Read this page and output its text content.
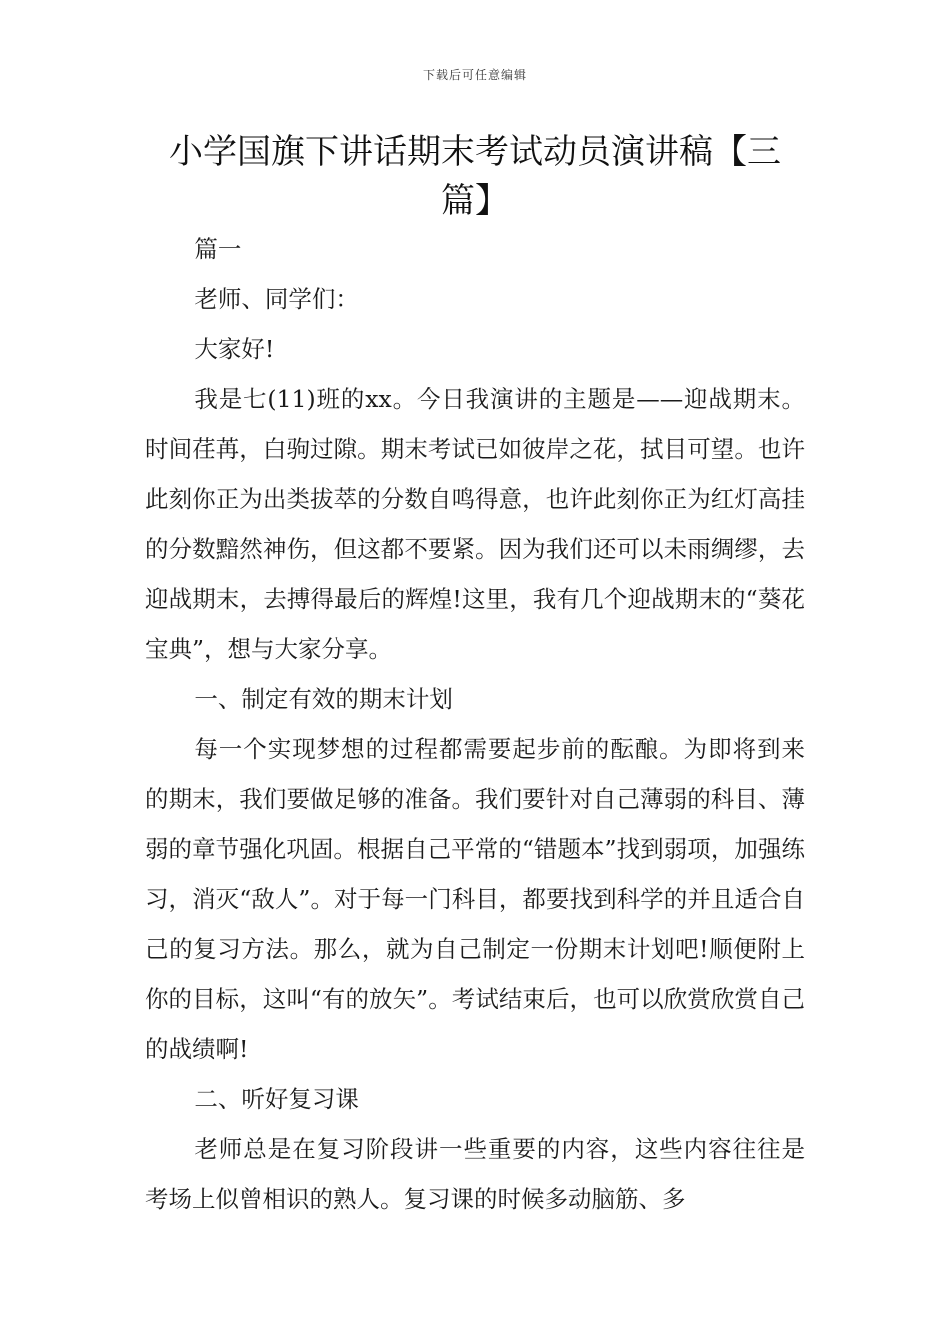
下载后可任意编辑
小学国旗下讲话期末考试动员演讲稿【三篇】

篇一

老师、同学们：

大家好!

我是七(11)班的xx。今日我演讲的主题是——迎战期末。时间荏苒，白驹过隙。期末考试已如彼岸之花，拭目可望。也许此刻你正为出类拔萃的分数自鸣得意，也许此刻你正为红灯高挂的分数黯然神伤，但这都不要紧。因为我们还可以未雨绸缪，去迎战期末，去搏得最后的辉煌!这里，我有几个迎战期末的“葵花宝典”，想与大家分享。

一、制定有效的期末计划

每一个实现梦想的过程都需要起步前的酝酿。为即将到来的期末，我们要做足够的准备。我们要针对自己薄弱的科目、薄弱的章节强化巩固。根据自己平常的“错题本”找到弱项，加强练习，消灭“敌人”。对于每一门科目，都要找到科学的并且适合自己的复习方法。那么，就为自己制定一份期末计划吧!顺便附上你的目标，这叫“有的放矢”。考试结束后，也可以欣赏欣赏自己的战绩啊!

二、听好复习课

老师总是在复习阶段讲一些重要的内容，这些内容往往是考场上似曾相识的熟人。复习课的时候多动脑筋、多
